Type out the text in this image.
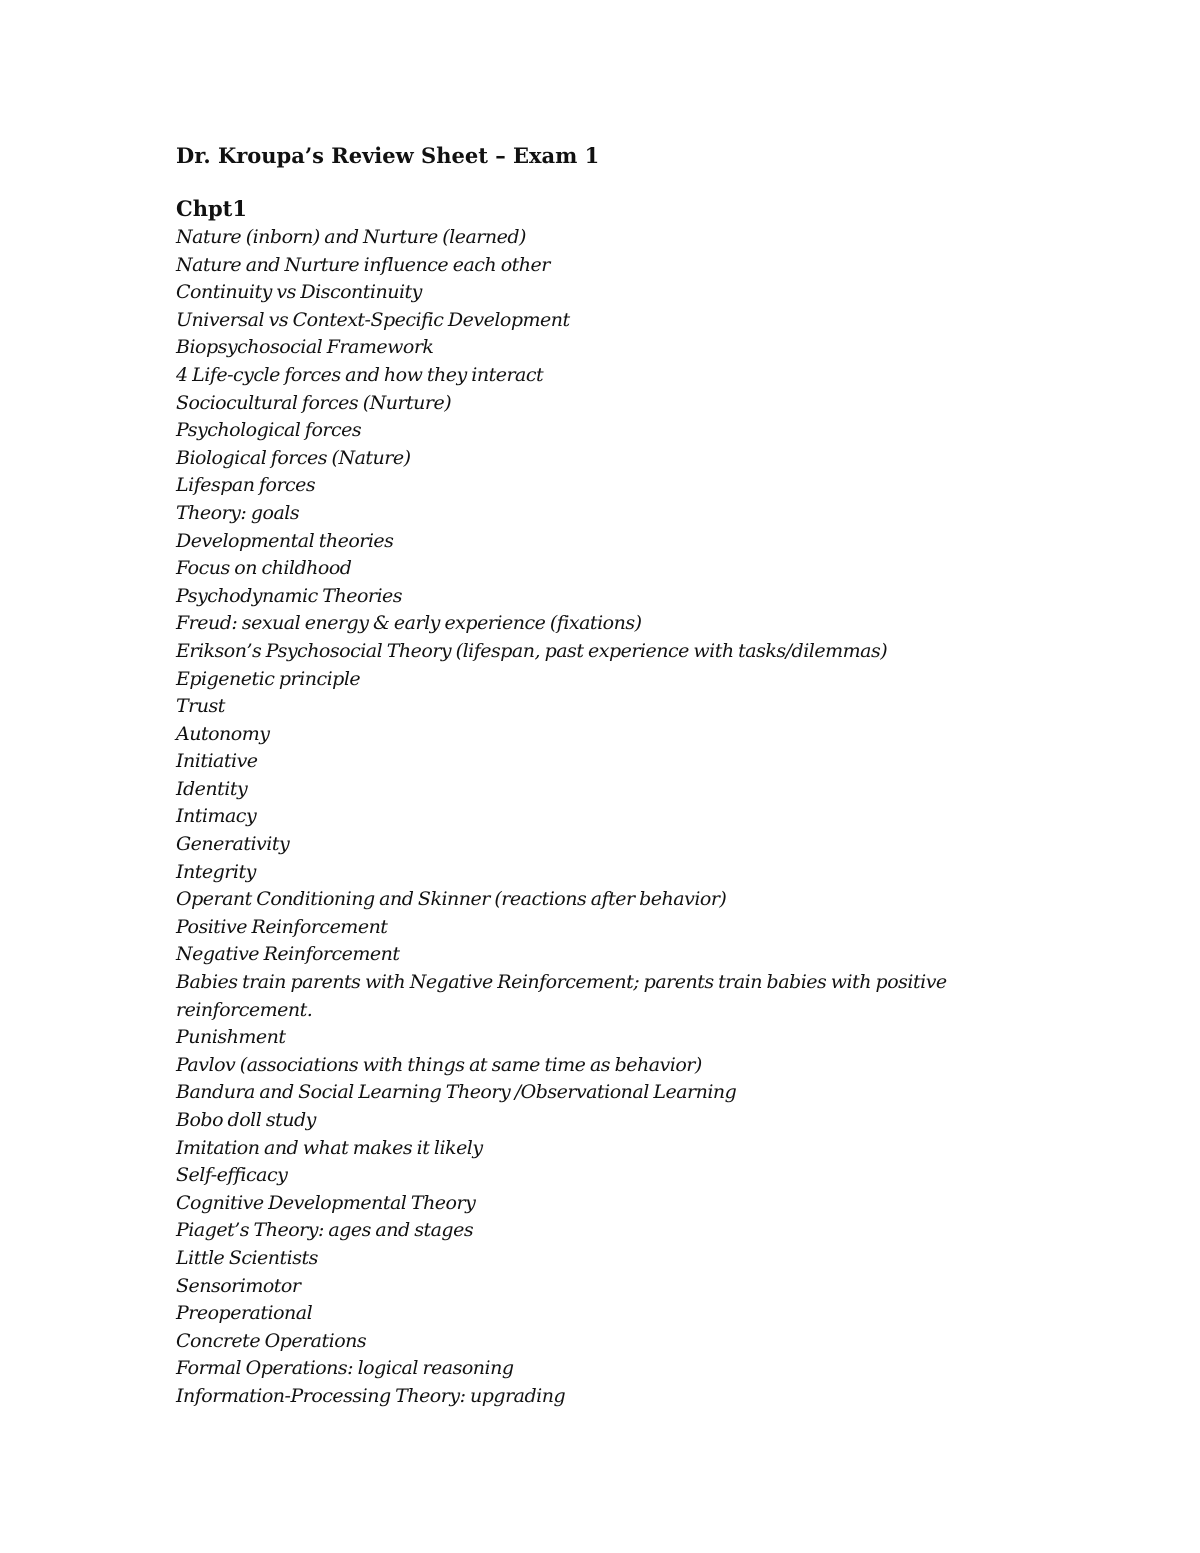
Dr. Kroupa’s Review Sheet – Exam 1
Chpt1
Nature (inborn) and Nurture (learned)
Nature and Nurture influence each other
Continuity vs Discontinuity
Universal vs Context-Specific Development
Biopsychosocial Framework
4 Life-cycle forces and how they interact
Sociocultural forces (Nurture)
Psychological forces
Biological forces (Nature)
Lifespan forces
Theory: goals
Developmental theories
Focus on childhood
Psychodynamic Theories
Freud: sexual energy & early experience (fixations)
Erikson’s Psychosocial Theory (lifespan, past experience with tasks/dilemmas)
Epigenetic principle
Trust
Autonomy
Initiative
Identity
Intimacy
Generativity
Integrity
Operant Conditioning and Skinner (reactions after behavior)
Positive Reinforcement
Negative Reinforcement
Babies train parents with Negative Reinforcement; parents train babies with positive reinforcement.
Punishment
Pavlov (associations with things at same time as behavior)
Bandura and Social Learning Theory /Observational Learning
Bobo doll study
Imitation and what makes it likely
Self-efficacy
Cognitive Developmental Theory
Piaget’s Theory: ages and stages
Little Scientists
Sensorimotor
Preoperational
Concrete Operations
Formal Operations: logical reasoning
Information-Processing Theory: upgrading
